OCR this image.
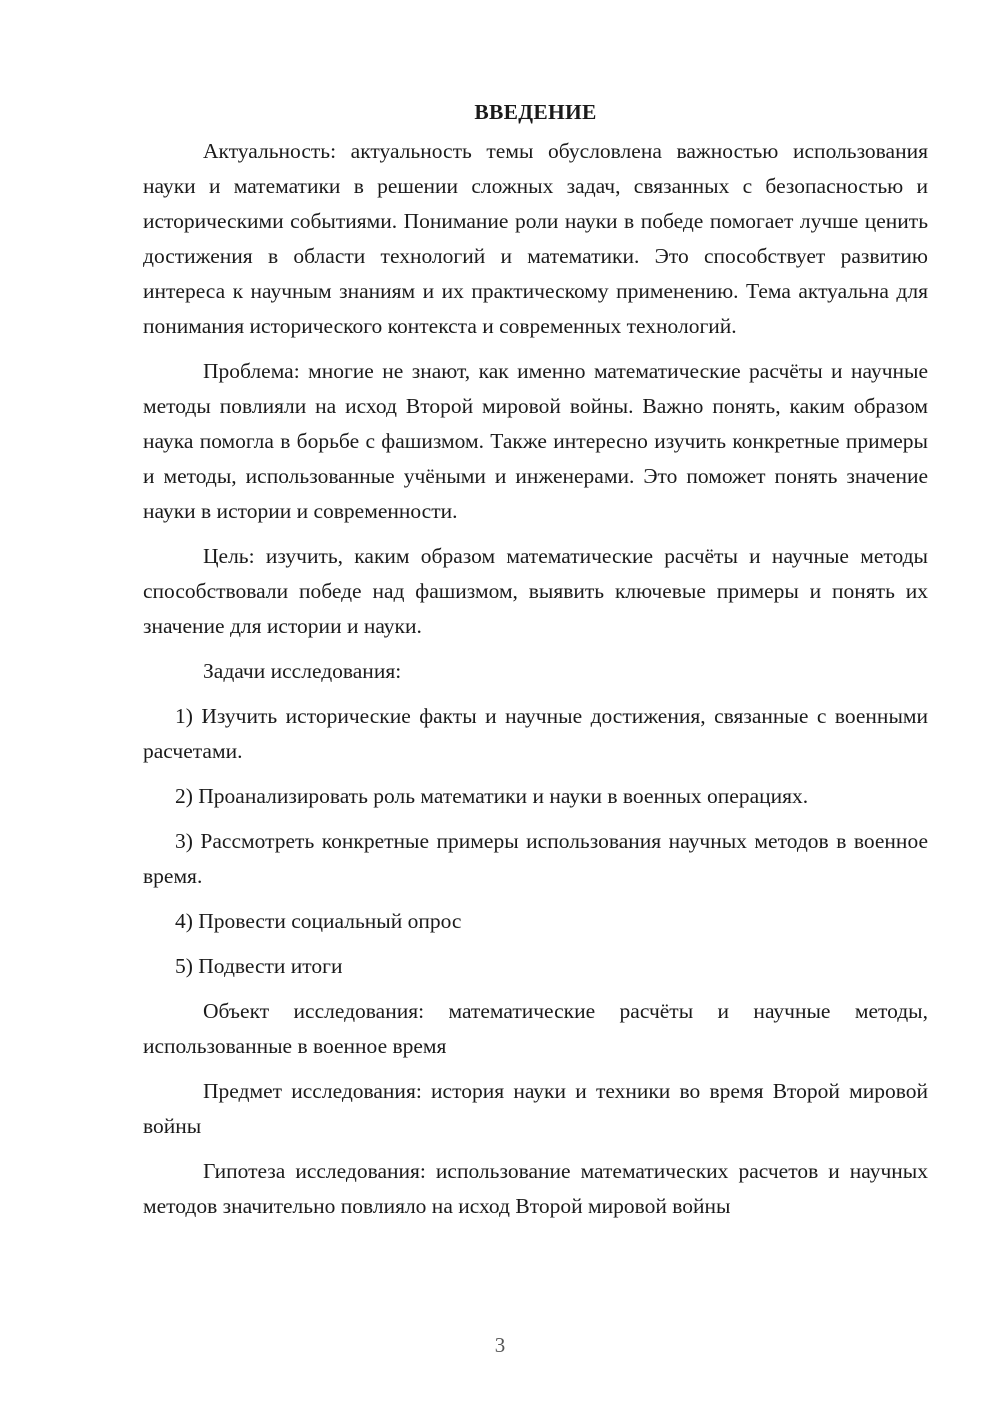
ВВЕДЕНИЕ

Актуальность: актуальность темы обусловлена важностью использования науки и математики в решении сложных задач, связанных с безопасностью и историческими событиями. Понимание роли науки в победе помогает лучше ценить достижения в области технологий и математики. Это способствует развитию интереса к научным знаниям и их практическому применению. Тема актуальна для понимания исторического контекста и современных технологий.

Проблема: многие не знают, как именно математические расчёты и научные методы повлияли на исход Второй мировой войны. Важно понять, каким образом наука помогла в борьбе с фашизмом. Также интересно изучить конкретные примеры и методы, использованные учёными и инженерами. Это поможет понять значение науки в истории и современности.

Цель: изучить, каким образом математические расчёты и научные методы способствовали победе над фашизмом, выявить ключевые примеры и понять их значение для истории и науки.

Задачи исследования:

1) Изучить исторические факты и научные достижения, связанные с военными расчетами.

2) Проанализировать роль математики и науки в военных операциях.

3) Рассмотреть конкретные примеры использования научных методов в военное время.

4) Провести социальный опрос

5) Подвести итоги

Объект исследования: математические расчёты и научные методы, использованные в военное время

Предмет исследования: история науки и техники во время Второй мировой войны

Гипотеза исследования: использование математических расчетов и научных методов значительно повлияло на исход Второй мировой войны

3
